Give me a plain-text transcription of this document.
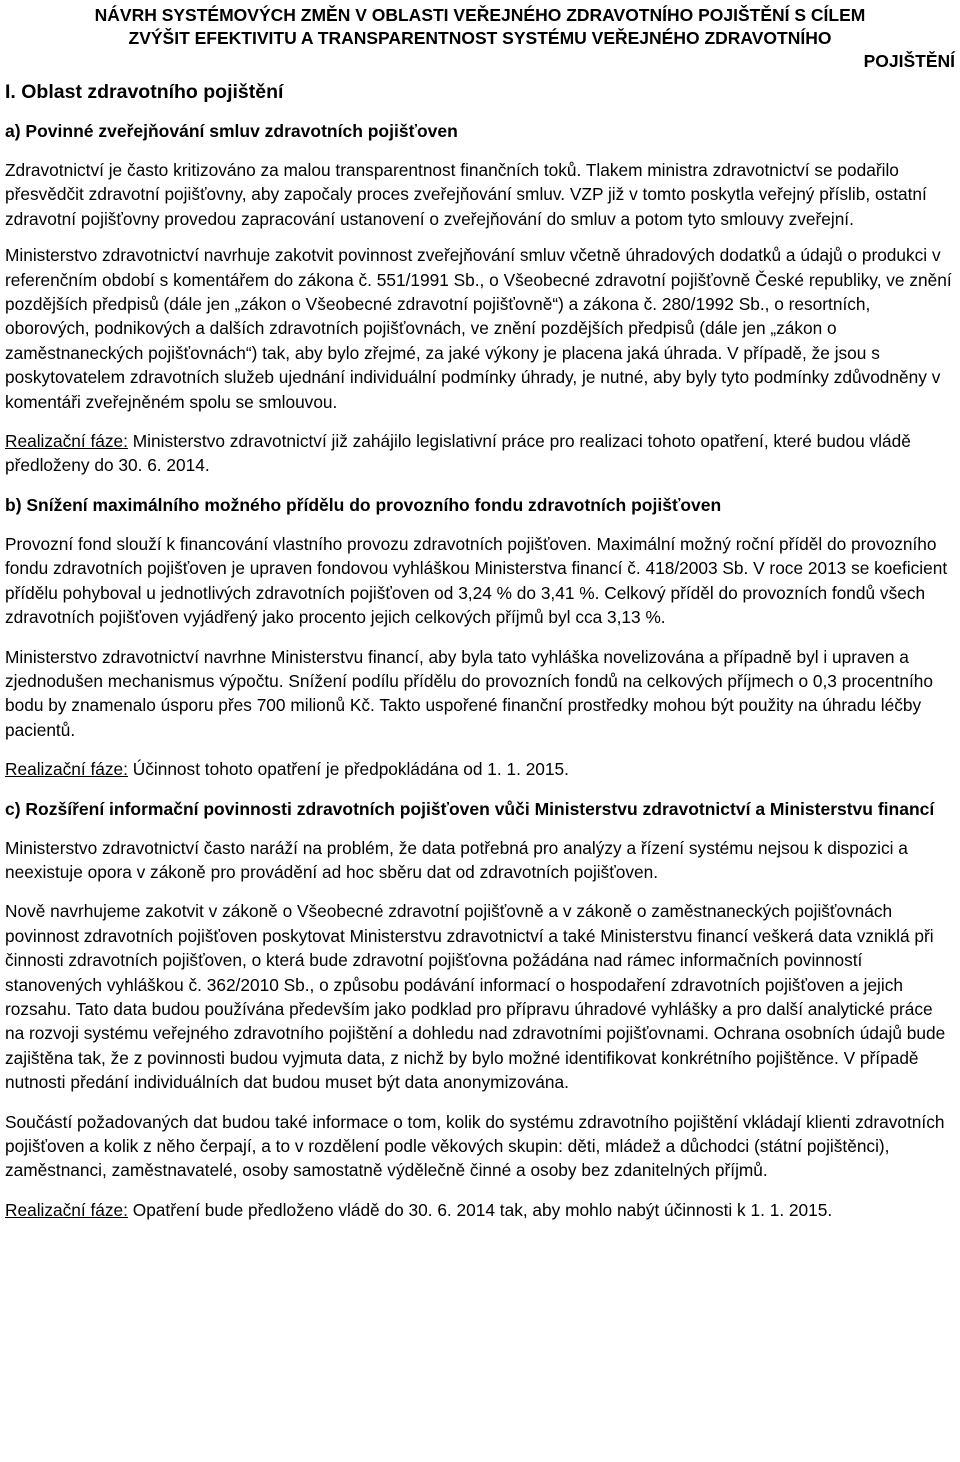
NÁVRH SYSTÉMOVÝCH ZMĚN V OBLASTI VEŘEJNÉHO ZDRAVOTNÍHO POJIŠTĚNÍ S CÍLEM
ZVÝŠIT EFEKTIVITU A TRANSPARENTNOST SYSTÉMU VEŘEJNÉHO ZDRAVOTNÍHO
POJIŠTĚNÍ
I. Oblast zdravotního pojištění
a) Povinné zveřejňování smluv zdravotních pojišťoven

Zdravotnictví je často kritizováno za malou transparentnost finančních toků. Tlakem ministra zdravotnictví se podařilo přesvědčit zdravotní pojišťovny, aby započaly proces zveřejňování smluv. VZP již v tomto poskytla veřejný příslib, ostatní zdravotní pojišťovny provedou zapracování ustanovení o zveřejňování do smluv a potom tyto smlouvy zveřejní.

Ministerstvo zdravotnictví navrhuje zakotvit povinnost zveřejňování smluv včetně úhradových dodatků a údajů o produkci v referenčním období s komentářem do zákona č. 551/1991 Sb., o Všeobecné zdravotní pojišťovně České republiky, ve znění pozdějších předpisů (dále jen „zákon o Všeobecné zdravotní pojišťovně“) a zákona č. 280/1992 Sb., o resortních, oborových, podnikových a dalších zdravotních pojišťovnách, ve znění pozdějších předpisů (dále jen „zákon o zaměstnaneckých pojišťovnách“) tak, aby bylo zřejmé, za jaké výkony je placena jaká úhrada. V případě, že jsou s poskytovatelem zdravotních služeb ujednání individuální podmínky úhrady, je nutné, aby byly tyto podmínky zdůvodněny v komentáři zveřejněném spolu se smlouvou.

Realizační fáze: Ministerstvo zdravotnictví již zahájilo legislativní práce pro realizaci tohoto opatření, které budou vládě předloženy do 30. 6. 2014.

b) Snížení maximálního možného přídělu do provozního fondu zdravotních pojišťoven

Provozní fond slouží k financování vlastního provozu zdravotních pojišťoven. Maximální možný roční příděl do provozního fondu zdravotních pojišťoven je upraven fondovou vyhláškou Ministerstva financí č. 418/2003 Sb. V roce 2013 se koeficient přídělu pohyboval u jednotlivých zdravotních pojišťoven od 3,24 % do 3,41 %. Celkový příděl do provozních fondů všech zdravotních pojišťoven vyjádřený jako procento jejich celkových příjmů byl cca 3,13 %.

Ministerstvo zdravotnictví navrhne Ministerstvu financí, aby byla tato vyhláška novelizována a případně byl i upraven a zjednodušen mechanismus výpočtu. Snížení podílu přídělu do provozních fondů na celkových příjmech o 0,3 procentního bodu by znamenalo úsporu přes 700 milionů Kč. Takto uspořené finanční prostředky mohou být použity na úhradu léčby pacientů.

Realizační fáze: Účinnost tohoto opatření je předpokládána od 1. 1. 2015.

c) Rozšíření informační povinnosti zdravotních pojišťoven vůči Ministerstvu zdravotnictví a Ministerstvu financí

Ministerstvo zdravotnictví často naráží na problém, že data potřebná pro analýzy a řízení systému nejsou k dispozici a neexistuje opora v zákoně pro provádění ad hoc sběru dat od zdravotních pojišťoven.

Nově navrhujeme zakotvit v zákoně o Všeobecné zdravotní pojišťovně a v zákoně o zaměstnaneckých pojišťovnách povinnost zdravotních pojišťoven poskytovat Ministerstvu zdravotnictví a také Ministerstvu financí veškerá data vzniklá při činnosti zdravotních pojišťoven, o která bude zdravotní pojišťovna požádána nad rámec informačních povinností stanovených vyhláškou č. 362/2010 Sb., o způsobu podávání informací o hospodaření zdravotních pojišťoven a jejich rozsahu. Tato data budou používána především jako podklad pro přípravu úhradové vyhlášky a pro další analytické práce na rozvoji systému veřejného zdravotního pojištění a dohledu nad zdravotními pojišťovnami. Ochrana osobních údajů bude zajištěna tak, že z povinnosti budou vyjmuta data, z nichž by bylo možné identifikovat konkrétního pojištěnce. V případě nutnosti předání individuálních dat budou muset být data anonymizována.

Součástí požadovaných dat budou také informace o tom, kolik do systému zdravotního pojištění vkládají klienti zdravotních pojišťoven a kolik z něho čerpají, a to v rozdělení podle věkových skupin: děti, mládež a důchodci (státní pojištěnci), zaměstnanci, zaměstnavatelé, osoby samostatně výdělečně činné a osoby bez zdanitelných příjmů.

Realizační fáze: Opatření bude předloženo vládě do 30. 6. 2014 tak, aby mohlo nabýt účinnosti k 1. 1. 2015.
